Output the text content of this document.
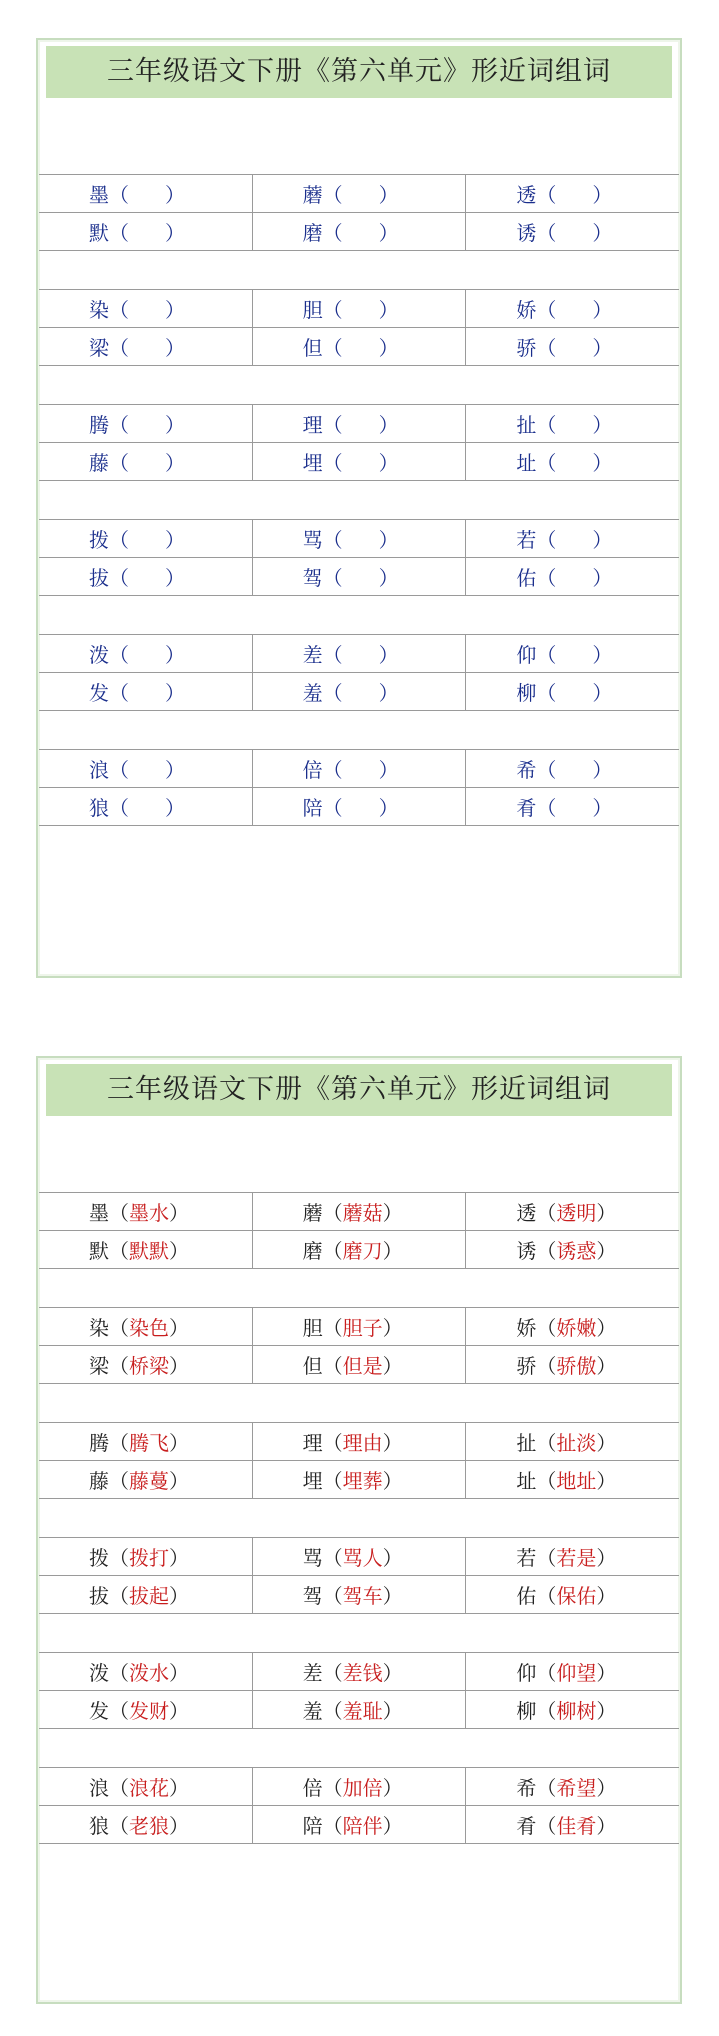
三年级语文下册《第六单元》形近词组词
墨 （ ）	蘑 （ ）	透 （ ）
默 （ ）	磨 （ ）	诱 （ ）
染 （ ）	胆 （ ）	娇 （ ）
梁 （ ）	但 （ ）	骄 （ ）
腾 （ ）	理 （ ）	扯 （ ）
藤 （ ）	埋 （ ）	址 （ ）
拨 （ ）	骂 （ ）	若 （ ）
拔 （ ）	驾 （ ）	佑 （ ）
泼 （ ）	差 （ ）	仰 （ ）
发 （ ）	羞 （ ）	柳 （ ）
浪 （ ）	倍 （ ）	希 （ ）
狼 （ ）	陪 （ ）	肴 （ ）
三年级语文下册《第六单元》形近词组词
墨 （ 墨水 ）	蘑 （ 蘑菇 ）	透 （ 透明 ）
默 （ 默默 ）	磨 （ 磨刀 ）	诱 （ 诱惑 ）
染 （ 染色 ）	胆 （ 胆子 ）	娇 （ 娇嫩 ）
梁 （ 桥梁 ）	但 （ 但是 ）	骄 （ 骄傲 ）
腾 （ 腾飞 ）	理 （ 理由 ）	扯 （ 扯淡 ）
藤 （ 藤蔓 ）	埋 （ 埋葬 ）	址 （ 地址 ）
拨 （ 拨打 ）	骂 （ 骂人 ）	若 （ 若是 ）
拔 （ 拔起 ）	驾 （ 驾车 ）	佑 （ 保佑 ）
泼 （ 泼水 ）	差 （ 差钱 ）	仰 （ 仰望 ）
发 （ 发财 ）	羞 （ 羞耻 ）	柳 （ 柳树 ）
浪 （ 浪花 ）	倍 （ 加倍 ）	希 （ 希望 ）
狼 （ 老狼 ）	陪 （ 陪伴 ）	肴 （ 佳肴 ）
